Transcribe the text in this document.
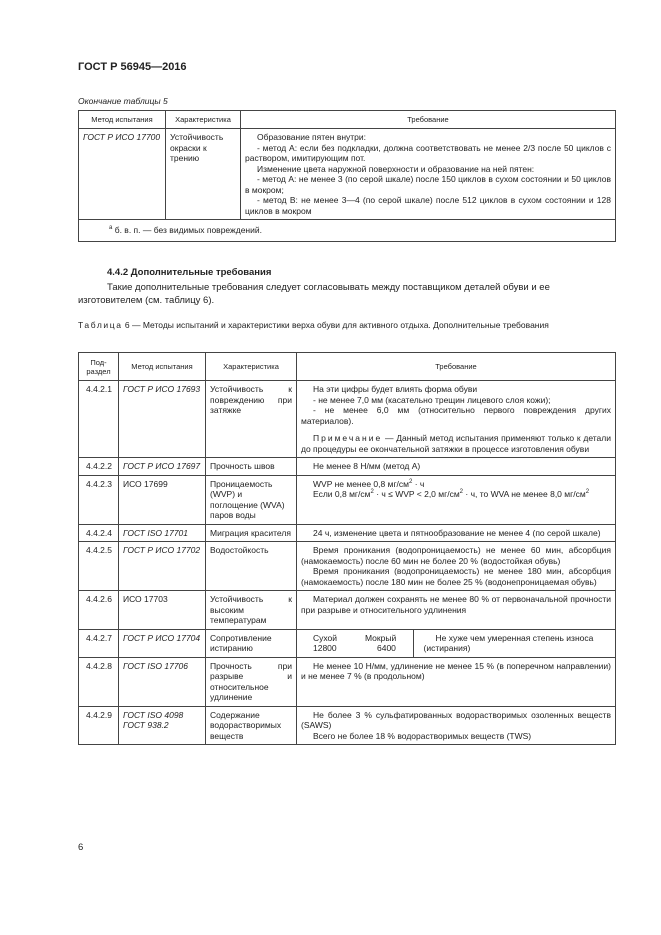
ГОСТ Р 56945—2016
Окончание таблицы 5
Метод испытания	Характеристика	Требование
ГОСТ Р ИСО 17700	Устойчивость окраски к трению	Образование пятен внутри:

- метод А: если без подкладки, должна соответствовать не менее 2/3 после 50 циклов с раствором, имитирующим пот.

Изменение цвета наружной поверхности и образование на ней пятен:

- метод А: не менее 3 (по серой шкале) после 150 циклов в сухом состоянии и 50 циклов в мокром;

- метод В: не менее 3—4 (по серой шкале) после 512 циклов в сухом состоянии и 128 циклов в мокром

$^а$ б. в. п. — без видимых повреждений.		
4.4.2 Дополнительные требования
Такие дополнительные требования следует согласовывать между поставщиком деталей обуви и ее изготовителем (см. таблицу 6).
Таблица 6 — Методы испытаний и характеристики верха обуви для активного отдыха. Дополнительные требования
Под-раздел	Метод испытания	Характеристика	Требование
4.4.2.1	ГОСТ Р ИСО 17693	Устойчивость к повреждению при затяжке	

На эти цифры будет влиять форма обуви

- не менее 7,0 мм (касательно трещин лицевого слоя кожи);

- не менее 6,0 мм (относительно первого повреждения других материалов).

Примечание — Данный метод испытания применяют только к детали до процедуры ее окончательной затяжки в процессе изготовления обуви

4.4.2.2	ГОСТ Р ИСО 17697	Прочность швов	Не менее 8 Н/мм (метод А)

4.4.2.3	ИСО 17699	Проницаемость (WVP) и поглощение (WVA) паров воды	

WVP не менее 0,8 $мг/см^2 \cdot ч$

Если 0,8 $мг/см^2 \cdot ч$ ≤ WVP < 2,0 $мг/см^2 \cdot ч$, то WVA не менее 8,0 $мг/см^2$

4.4.2.4	ГОСТ ISO 17701	Миграция красителя	24 ч, изменение цвета и пятнообразование не менее 4 (по серой шкале)

4.4.2.5	ГОСТ Р ИСО 17702	Водостойкость	Время проникания (водопроницаемость) не менее 60 мин, абсорбция (намокаемость) после 60 мин не более 20 % (водостойкая обувь)

Время проникания (водопроницаемость) не менее 180 мин, абсорбция (намокаемость) после 180 мин не более 25 % (водонепроницаемая обувь)

4.4.2.6	ИСО 17703	Устойчивость к высоким температурам	

Материал должен сохранять не менее 80 % от первоначальной прочности при разрыве и относительного удлинения

4.4.2.7	ГОСТ Р ИСО 17704	Сопротивление истиранию	
Сухой	Мокрый
12800	6400

Не хуже чем умеренная степень износа (истирания)

4.4.2.8	ГОСТ ISO 17706	Прочность при разрыве и относительное удлинение	

Не менее 10 Н/мм, удлинение не менее 15 % (в поперечном направлении) и не менее 7 % (в продольном)

4.4.2.9	ГОСТ ISO 4098 ГОСТ 938.2	Содержание водорастворимых веществ	

Не более 3 % сульфатированных водорастворимых озоленных веществ (SAWS)

Всего не более 18 % водорастворимых веществ (TWS)

6
